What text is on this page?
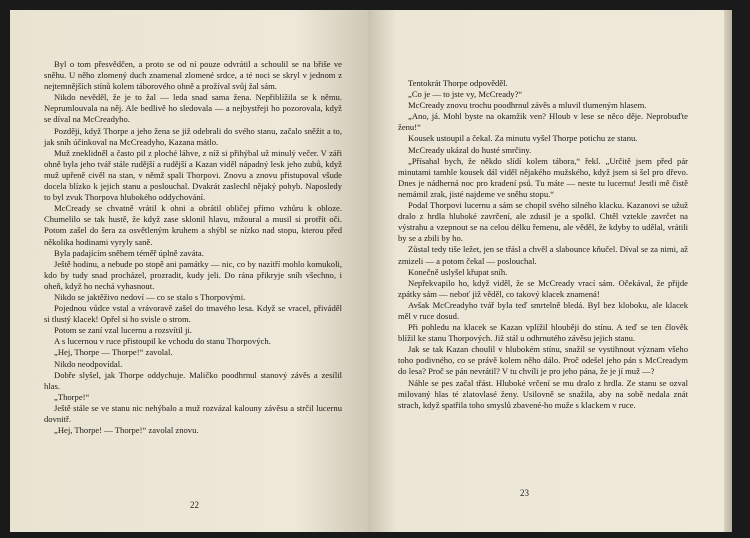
Byl o tom přesvědčen, a proto se od ní pouze odvrátil a schoulil se na břiše ve sněhu. U něho zlomený duch znamenal zlomené srdce, a té noci se skryl v jednom z nejtemnějších stínů kolem táborového ohně a prožíval svůj žal sám.

Nikdo nevěděl, že je to žal — leda snad sama žena. Nepřiblížila se k němu. Neprumlouvala na něj. Ale bedlivě ho sledovala — a nejbystřeji ho pozorovala, když se díval na McCreadyho.

Později, když Thorpe a jeho žena se již odebrali do svého stanu, začalo sněžit a to, jak sníh účinkoval na McCreadyho, Kazana mátlo.

Muž zneklidněl a často pil z ploché láhve, z níž si přihýbal už minulý večer. V záři ohně byla jeho tvář stále rudější a rudější a Kazan viděl nápadný lesk jeho zubů, když muž upřeně civěl na stan, v němž spali Thorpovi. Znovu a znovu přistupoval všude docela blízko k jejich stanu a poslouchal. Dvakrát zaslechl nějaký pohyb. Naposledy to byl zvuk Thorpova hlubokého oddychování.

McCready se chvatně vrátil k ohni a obrátil obličej přímo vzhůru k obloze. Chumelilo se tak hustě, že když zase sklonil hlavu, mžoural a musil si protřít oči. Potom zašel do šera za osvětleným kruhem a shýbl se nízko nad stopu, kterou před několika hodinami vyryly saně.

Byla padajícím sněhem téměř úplně zaváta.

Ještě hodinu, a nebude po stopě ani památky — nic, co by nazítří mohlo komukoli, kdo by tudy snad procházel, prozradit, kudy jeli. Do rána přikryje sníh všechno, i oheň, když ho nechá vyhasnout.

Nikdo se jaktěživo nedoví — co se stalo s Thorpovými.

Pojednou vůdce vstal a vrávoravě zašel do tmavého lesa. Když se vracel, přiváděl si tlustý klacek! Opřel si ho svisle o strom.

Potom se zaní vzal lucernu a rozsvítil ji.

A s lucernou v ruce přistoupil ke vchodu do stanu Thorpových.

„Hej, Thorpe — Thorpe!“ zavolal.

Nikdo neodpovídal.

Dobře slyšel, jak Thorpe oddychuje. Maličko poodhrnul stanový závěs a zesílil hlas.

„Thorpe!“

Ještě stále se ve stanu nic nehýbalo a muž rozvázal kalouny závěsu a strčil lucernu dovnitř.

„Hej, Thorpe! — Thorpe!“ zavolal znovu.

22

Tentokrát Thorpe odpověděl.

„Co je — to jste vy, McCready?“

McCready znovu trochu poodhrnul závěs a mluvil tlumeným hlasem.

„Ano, já. Mohl byste na okamžik ven? Hloub v lese se něco děje. Neprobuďte ženu!“

Kousek ustoupil a čekal. Za minutu vyšel Thorpe potichu ze stanu.

McCready ukázal do husté smrčiny.

„Přísahal bych, že někdo slídí kolem tábora,“ řekl. „Určitě jsem před pár minutami tamhle kousek dál viděl nějakého mužského, když jsem si šel pro dřevo. Dnes je nádherná noc pro kradení psů. Tu máte — neste tu lucernu! Jestli mě čistě nemámil zrak, jisté najdeme ve sněhu stopu.“

Podal Thorpovi lucernu a sám se chopil svého silného klacku. Kazanovi se užuž dralo z hrdla hluboké zavrčení, ale zdusil je a spolkl. Chtěl vztekle zavrčet na výstrahu a vzepnout se na celou délku řemenu, ale věděl, že kdyby to udělal, vrátili by se a zbili by ho.

Zůstal tedy tiše ležet, jen se třásl a chvěl a slabounce kňučel. Díval se za nimi, až zmizeli — a potom čekal — poslouchal.

Konečně uslyšel křupat sníh.

Nepřekvapilo ho, když viděl, že se McCready vrací sám. Očekával, že přijde zpátky sám — neboť již věděl, co takový klacek znamená!

Avšak McCreadyho tvář byla teď smrtelně bledá. Byl bez kloboku, ale klacek měl v ruce dosud.

Při pohledu na klacek se Kazan vplížil hlouběji do stínu. A teď se ten člověk blížil ke stanu Thorpových. Již stál u odhrnutého závěsu jejich stanu.

Jak se tak Kazan choulil v hlubokém stínu, snažil se vystihnout význam všeho toho podivného, co se právě kolem něho dálo. Proč odešel jeho pán s McCreadym do lesa? Proč se pán nevrátil? V tu chvíli je pro jeho pána, že je jí muž —?

Náhle se pes začal třást. Hluboké vrčení se mu dralo z hrdla. Ze stanu se ozval milovaný hlas té zlatovlasé ženy. Usilovně se snažila, aby na sobě nedala znát strach, když spatřila toho smyslů zbavené-ho muže s klackem v ruce.

23
